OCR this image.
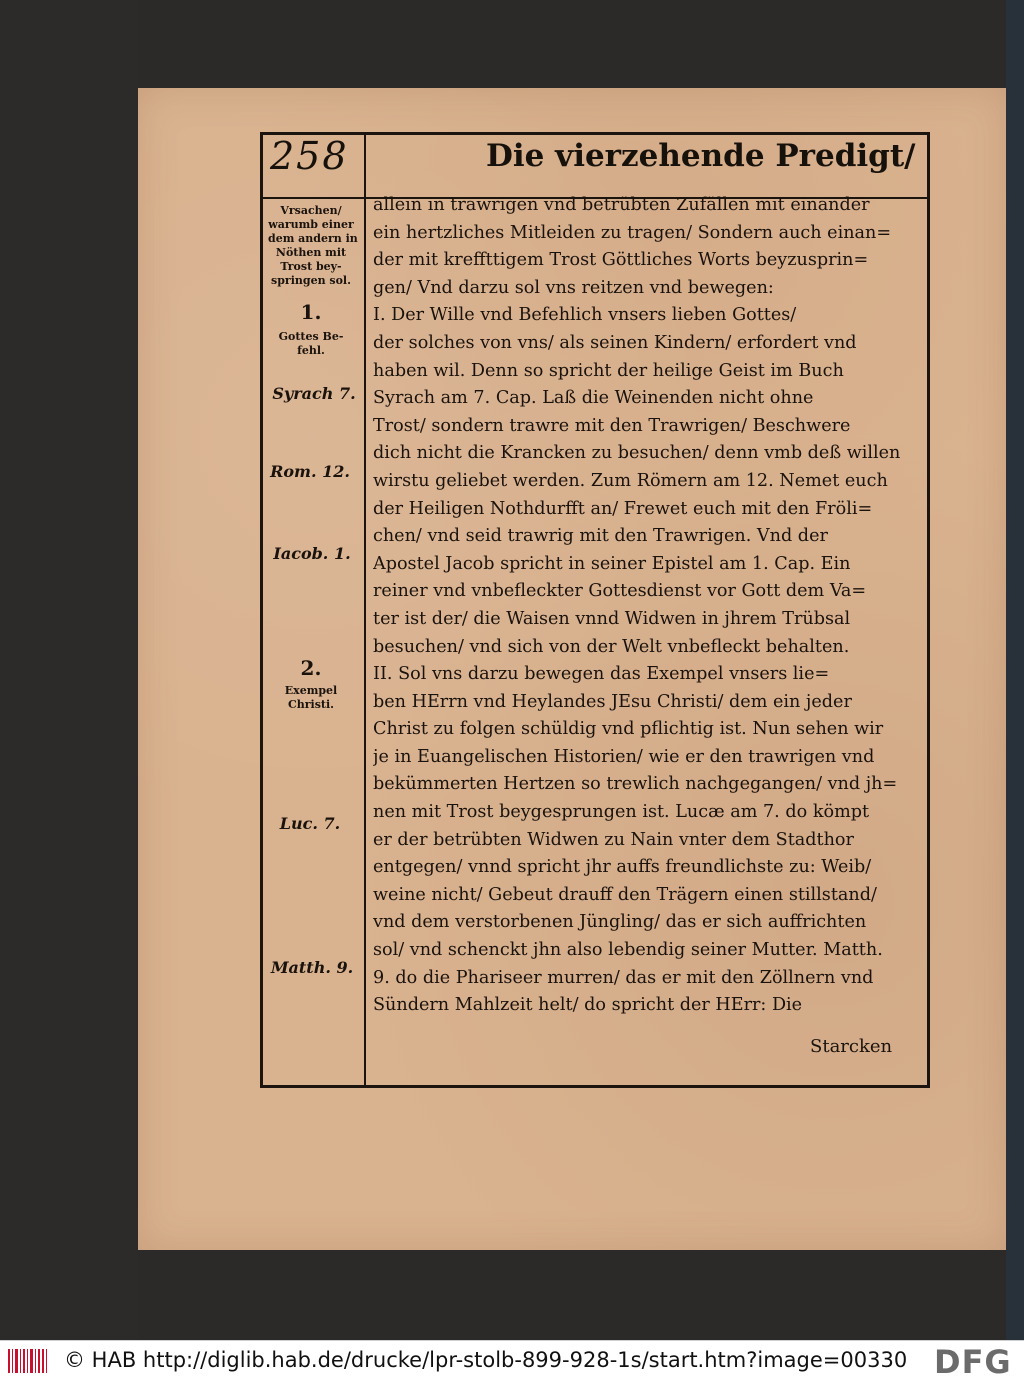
258	Die vierzehende Predigt/
allein in trawrigen vnd betrübten Zufällen mit einander
ein hertzliches Mitleiden zu tragen/ Sondern auch einan=
der mit kreffttigem Trost Göttliches Worts beyzusprin=
gen/ Vnd darzu sol vns reitzen vnd bewegen:
I. Der Wille vnd Befehlich vnsers lieben Gottes/
der solches von vns/ als seinen Kindern/ erfordert vnd
haben wil. Denn so spricht der heilige Geist im Buch
Syrach am 7. Cap. Laß die Weinenden nicht ohne
Trost/ sondern trawre mit den Trawrigen/ Beschwere
dich nicht die Krancken zu besuchen/ denn vmb deß willen
wirstu geliebet werden. Zum Römern am 12. Nemet euch
der Heiligen Nothdurfft an/ Frewet euch mit den Fröli=
chen/ vnd seid trawrig mit den Trawrigen. Vnd der
Apostel Jacob spricht in seiner Epistel am 1. Cap. Ein
reiner vnd vnbefleckter Gottesdienst vor Gott dem Va=
ter ist der/ die Waisen vnnd Widwen in jhrem Trübsal
besuchen/ vnd sich von der Welt vnbefleckt behalten.
II. Sol vns darzu bewegen das Exempel vnsers lie=
ben HErrn vnd Heylandes JEsu Christi/ dem ein jeder
Christ zu folgen schüldig vnd pflichtig ist. Nun sehen wir
je in Euangelischen Historien/ wie er den trawrigen vnd
bekümmerten Hertzen so trewlich nachgegangen/ vnd jh=
nen mit Trost beygesprungen ist. Lucæ am 7. do kömpt
er der betrübten Widwen zu Nain vnter dem Stadthor
entgegen/ vnnd spricht jhr auffs freundlichste zu: Weib/
weine nicht/ Gebeut drauff den Trägern einen stillstand/
vnd dem verstorbenen Jüngling/ das er sich auffrichten
sol/ vnd schenckt jhn also lebendig seiner Mutter. Matth.
9. do die Phariseer murren/ das er mit den Zöllnern vnd
Sündern Mahlzeit helt/ do spricht der HErr: Die
Vrsachen/
warumb einer
dem andern in
Nöthen mit
Trost bey-
springen sol.
1.
Gottes Be-
fehl.
Syrach 7.
Rom. 12.
Iacob. 1.
2.
Exempel
Christi.
Luc. 7.
Matth. 9.
Starcken
© HAB http://diglib.hab.de/drucke/lpr-stolb-899-928-1s/start.htm?image=00330 DFG
